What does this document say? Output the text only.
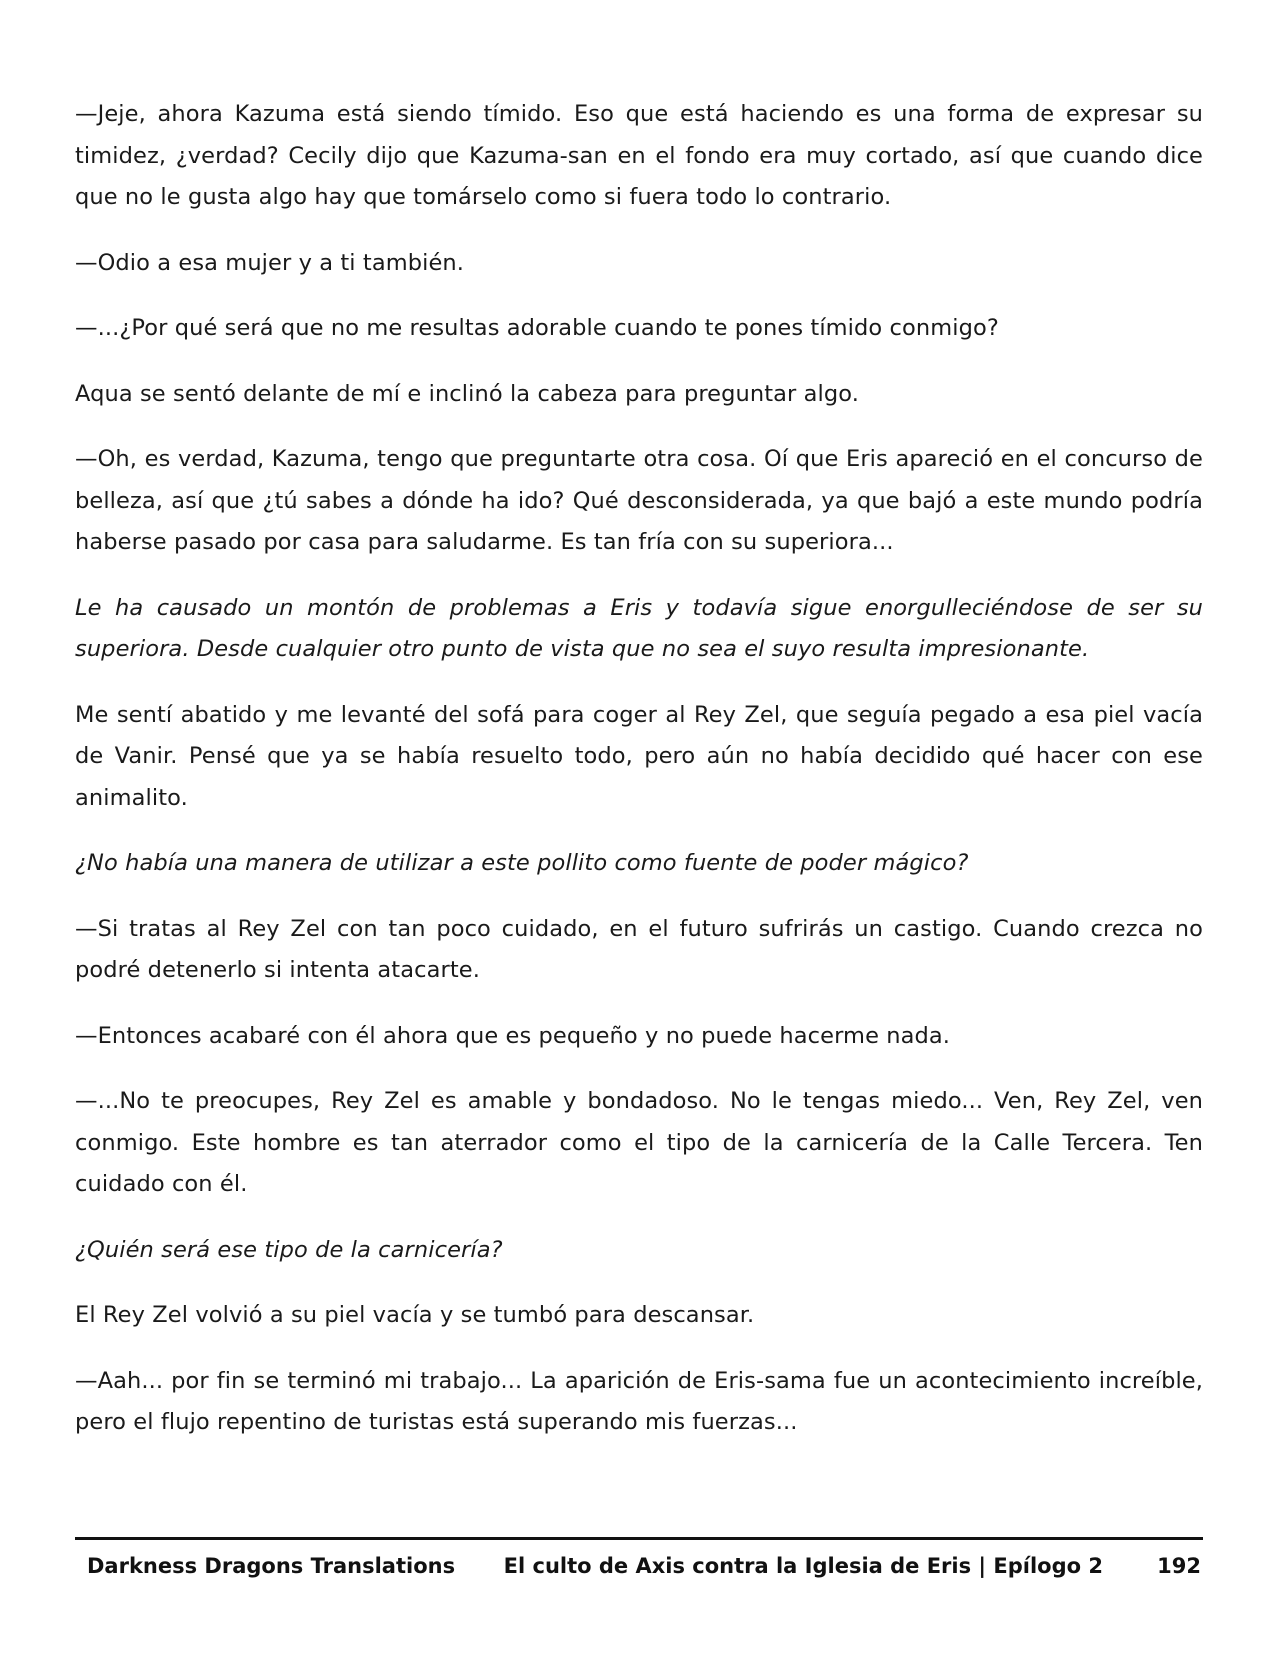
—Jeje, ahora Kazuma está siendo tímido. Eso que está haciendo es una forma de expresar su timidez, ¿verdad? Cecily dijo que Kazuma-san en el fondo era muy cortado, así que cuando dice que no le gusta algo hay que tomárselo como si fuera todo lo contrario.

—Odio a esa mujer y a ti también.

—...¿Por qué será que no me resultas adorable cuando te pones tímido conmigo?

Aqua se sentó delante de mí e inclinó la cabeza para preguntar algo.

—Oh, es verdad, Kazuma, tengo que preguntarte otra cosa. Oí que Eris apareció en el concurso de belleza, así que ¿tú sabes a dónde ha ido? Qué desconsiderada, ya que bajó a este mundo podría haberse pasado por casa para saludarme. Es tan fría con su superiora...

Le ha causado un montón de problemas a Eris y todavía sigue enorgulleciéndose de ser su superiora. Desde cualquier otro punto de vista que no sea el suyo resulta impresionante.

Me sentí abatido y me levanté del sofá para coger al Rey Zel, que seguía pegado a esa piel vacía de Vanir. Pensé que ya se había resuelto todo, pero aún no había decidido qué hacer con ese animalito.

¿No había una manera de utilizar a este pollito como fuente de poder mágico?

—Si tratas al Rey Zel con tan poco cuidado, en el futuro sufrirás un castigo. Cuando crezca no podré detenerlo si intenta atacarte.

—Entonces acabaré con él ahora que es pequeño y no puede hacerme nada.

—...No te preocupes, Rey Zel es amable y bondadoso. No le tengas miedo... Ven, Rey Zel, ven conmigo. Este hombre es tan aterrador como el tipo de la carnicería de la Calle Tercera. Ten cuidado con él.

¿Quién será ese tipo de la carnicería?

El Rey Zel volvió a su piel vacía y se tumbó para descansar.

—Aah... por fin se terminó mi trabajo... La aparición de Eris-sama fue un acontecimiento increíble, pero el flujo repentino de turistas está superando mis fuerzas...

Darkness Dragons Translations El culto de Axis contra la Iglesia de Eris | Epílogo 2	192
